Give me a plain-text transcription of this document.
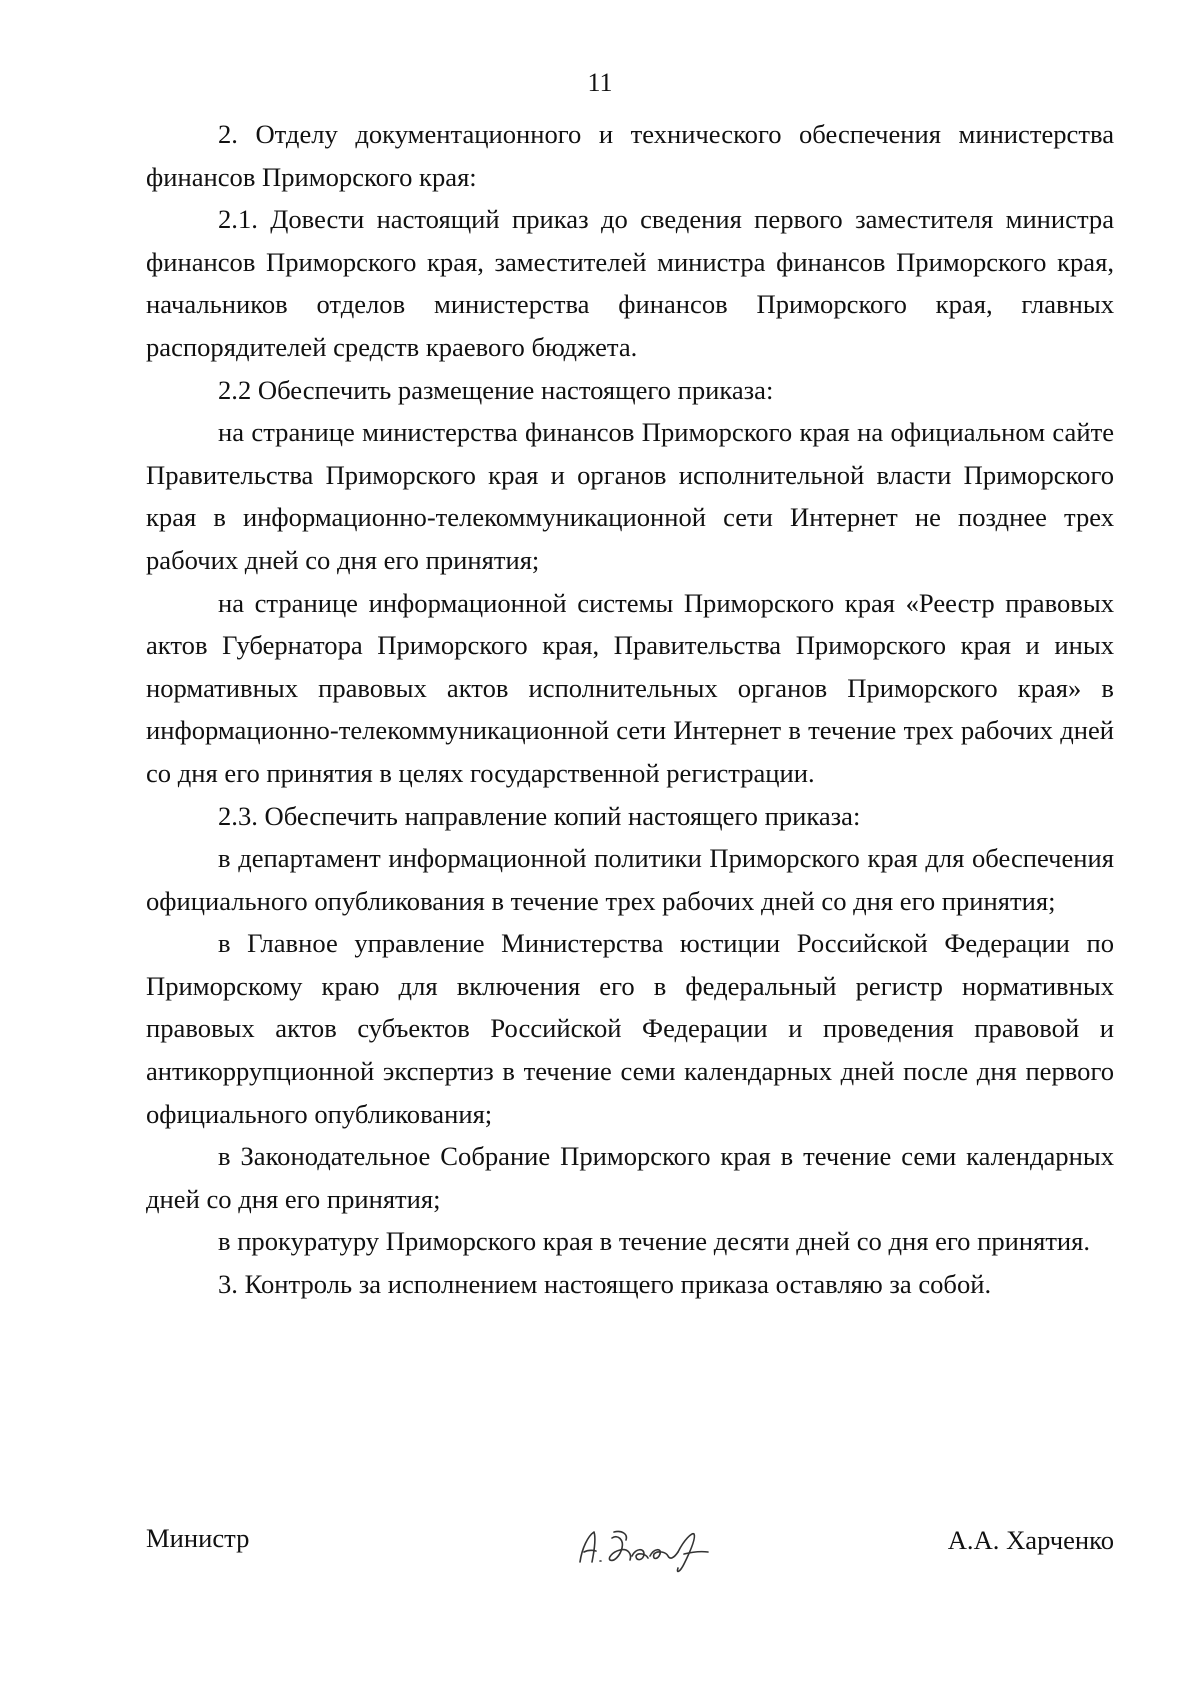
11

2. Отделу документационного и технического обеспечения министерства финансов Приморского края:

2.1. Довести настоящий приказ до сведения первого заместителя министра финансов Приморского края, заместителей министра финансов Приморского края, начальников отделов министерства финансов Приморского края, главных распорядителей средств краевого бюджета.

2.2 Обеспечить размещение настоящего приказа:

на странице министерства финансов Приморского края на официальном сайте Правительства Приморского края и органов исполнительной власти Приморского края в информационно-телекоммуникационной сети Интернет не позднее трех рабочих дней со дня его принятия;

на странице информационной системы Приморского края «Реестр правовых актов Губернатора Приморского края, Правительства Приморского края и иных нормативных правовых актов исполнительных органов Приморского края» в информационно-телекоммуникационной сети Интернет в течение трех рабочих дней со дня его принятия в целях государственной регистрации.

2.3. Обеспечить направление копий настоящего приказа:

в департамент информационной политики Приморского края для обеспечения официального опубликования в течение трех рабочих дней со дня его принятия;

в Главное управление Министерства юстиции Российской Федерации по Приморскому краю для включения его в федеральный регистр нормативных правовых актов субъектов Российской Федерации и проведения правовой и антикоррупционной экспертиз в течение семи календарных дней после дня первого официального опубликования;

в Законодательное Собрание Приморского края в течение семи календарных дней со дня его принятия;

в прокуратуру Приморского края в течение десяти дней со дня его принятия.

3. Контроль за исполнением настоящего приказа оставляю за собой.

Министр	А.А. Харченко
